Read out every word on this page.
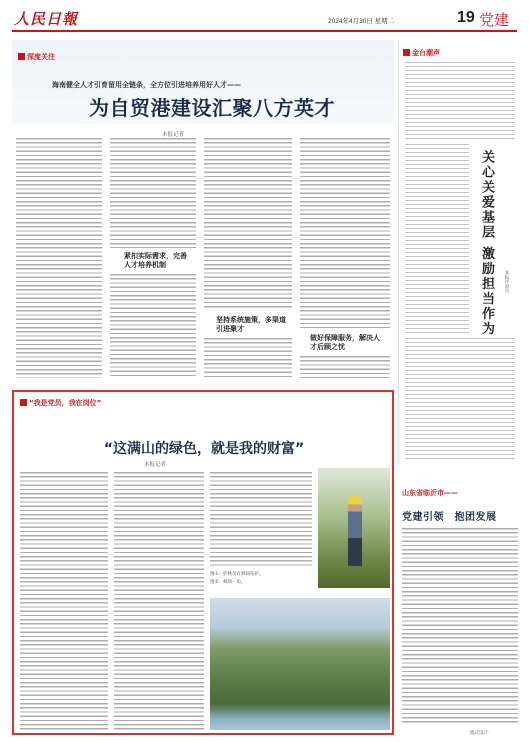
人民日報	2024年4月30日 星期二	19 党建
深度关注
海南健全人才引育留用全链条，全方位引进培养用好人才——
为自贸港建设汇聚八方英才
本报记者
紧扣实际需求，完善人才培养机制
坚持系统施策，多渠道引进聚才
做好保障服务，解决人才后顾之忧
金台潮声
关心关爱基层 激励担当作为 本报评论员
“我是党员，我在岗位”
“这满山的绿色，就是我的财富”
本报记者
图①：护林员在林间巡护。
图②：林场一角。
山东省临沂市——
党建引领　抱团发展
版式设计：
